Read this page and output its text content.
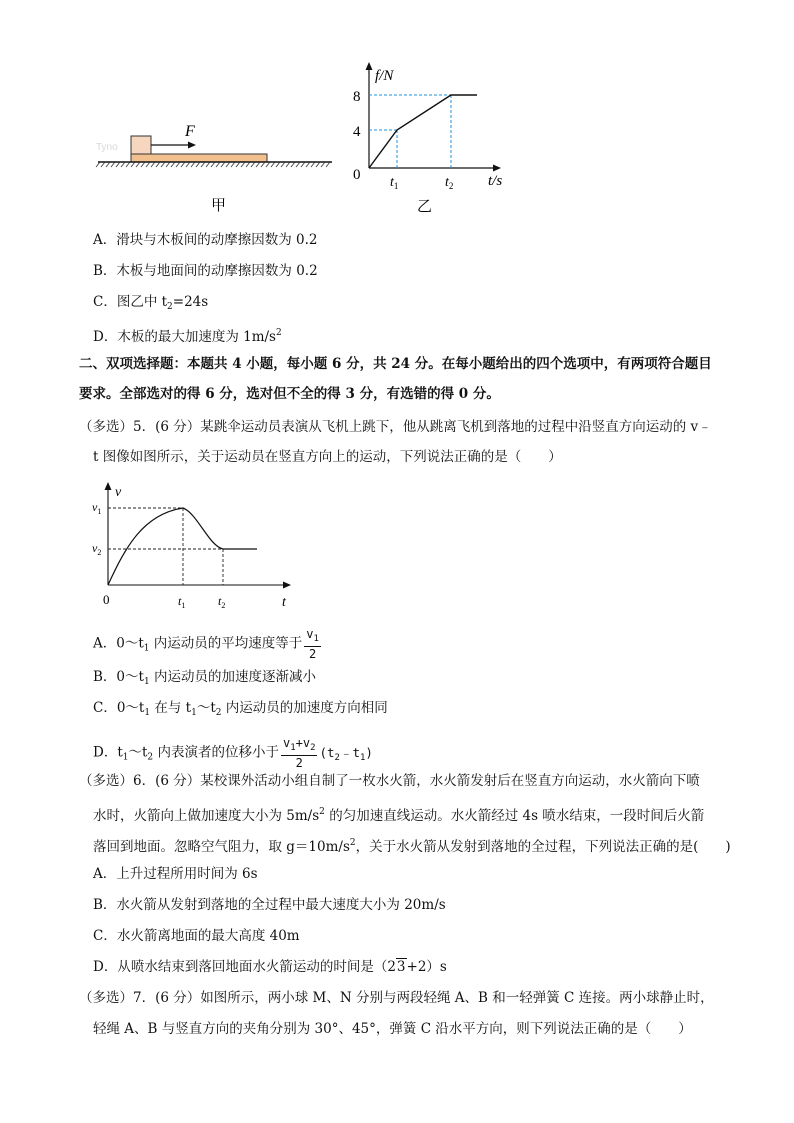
Tyno
F
甲
f/N
t/s
0
8
4
$t_1$	$t_2$
乙
A．滑块与木板间的动摩擦因数为 0.2
B．木板与地面间的动摩擦因数为 0.2
C．图乙中 $t_2=24s$
D．木板的最大加速度为 $1m/s^2$
二、双项选择题：本题共 4 小题，每小题 6 分，共 24 分。在每小题给出的四个选项中，有两项符合题目
要求。全部选对的得 6 分，选对但不全的得 3 分，有选错的得 0 分。
（多选）5．(6 分）某跳伞运动员表演从飞机上跳下，他从跳离飞机到落地的过程中沿竖直方向运动的 v﹣
t 图像如图所示，关于运动员在竖直方向上的运动，下列说法正确的是（　　）
v
t
0
$v_1$
$v_2$
$t_1$	$t_2$
A．$0\sim t_1$ 内运动员的平均速度等于 $\frac{v_1}{2}$
B．$0\sim t_1$ 内运动员的加速度逐渐减小
C．$0\sim t_1$ 在与 $t_1\sim t_2$ 内运动员的加速度方向相同
D．$t_1\sim t_2$ 内表演者的位移小于 $\frac{v_1+v_2}{2}$ $(t_2﹣t_1)$
（多选）6．(6 分）某校课外活动小组自制了一枚水火箭，水火箭发射后在竖直方向运动，水火箭向下喷
水时，火箭向上做加速度大小为 $5m/s^2$ 的匀加速直线运动。水火箭经过 4s 喷水结束，一段时间后火箭
落回到地面。忽略空气阻力，取 $g=10m/s^2$，关于水火箭从发射到落地的全过程，下列说法正确的是(　　)
A．上升过程所用时间为 6s
B．水火箭从发射到落地的全过程中最大速度大小为 20m/s
C．水火箭离地面的最大高度 40m
D．从喷水结束到落回地面水火箭运动的时间是（23+2）s
（多选）7．(6 分）如图所示，两小球 M、N 分别与两段轻绳 A、B 和一轻弹簧 C 连接。两小球静止时，
轻绳 A、B 与竖直方向的夹角分别为 30°、45°，弹簧 C 沿水平方向，则下列说法正确的是（　　）
